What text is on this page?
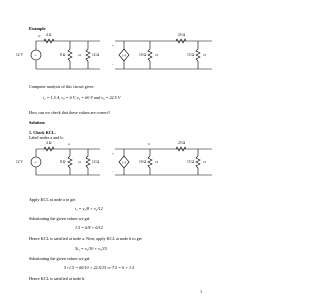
Example
+
12 V
4 Ω
i1
8 Ω	12 Ω
v2
+
−
1/4	10 Ω	v3
25 Ω
15 Ω	v5
Computer analysis of this circuit gives
i₁ = 1.5 A, v₂ = 6 V, v₃ = 60 V and v₅ = 22.5 V
How can we check that these values are correct?
Solution:
1. Check KCL.
Label nodes a and b:
+
12 V
4 Ω	a
8 Ω	12 Ω
v2
+
−
1/4	10 Ω
b
v3
25 Ω
15 Ω	v5
Apply KCL at node a to get
i₁ = v₂/8 + v₂/12
Substituting the given values we get
1.5 = 6/8 + 6/12
Hence KCL is satisfied at node a. Next, apply KCL at node b to get
5i₁ = v₃/10 + v₅/15
Substituting the given values we get
5×1.5 = 60/10 + 22.5/15 ⇒ 7.5 = 6 + 1.5
Hence KCL is satisfied at node b.
1
